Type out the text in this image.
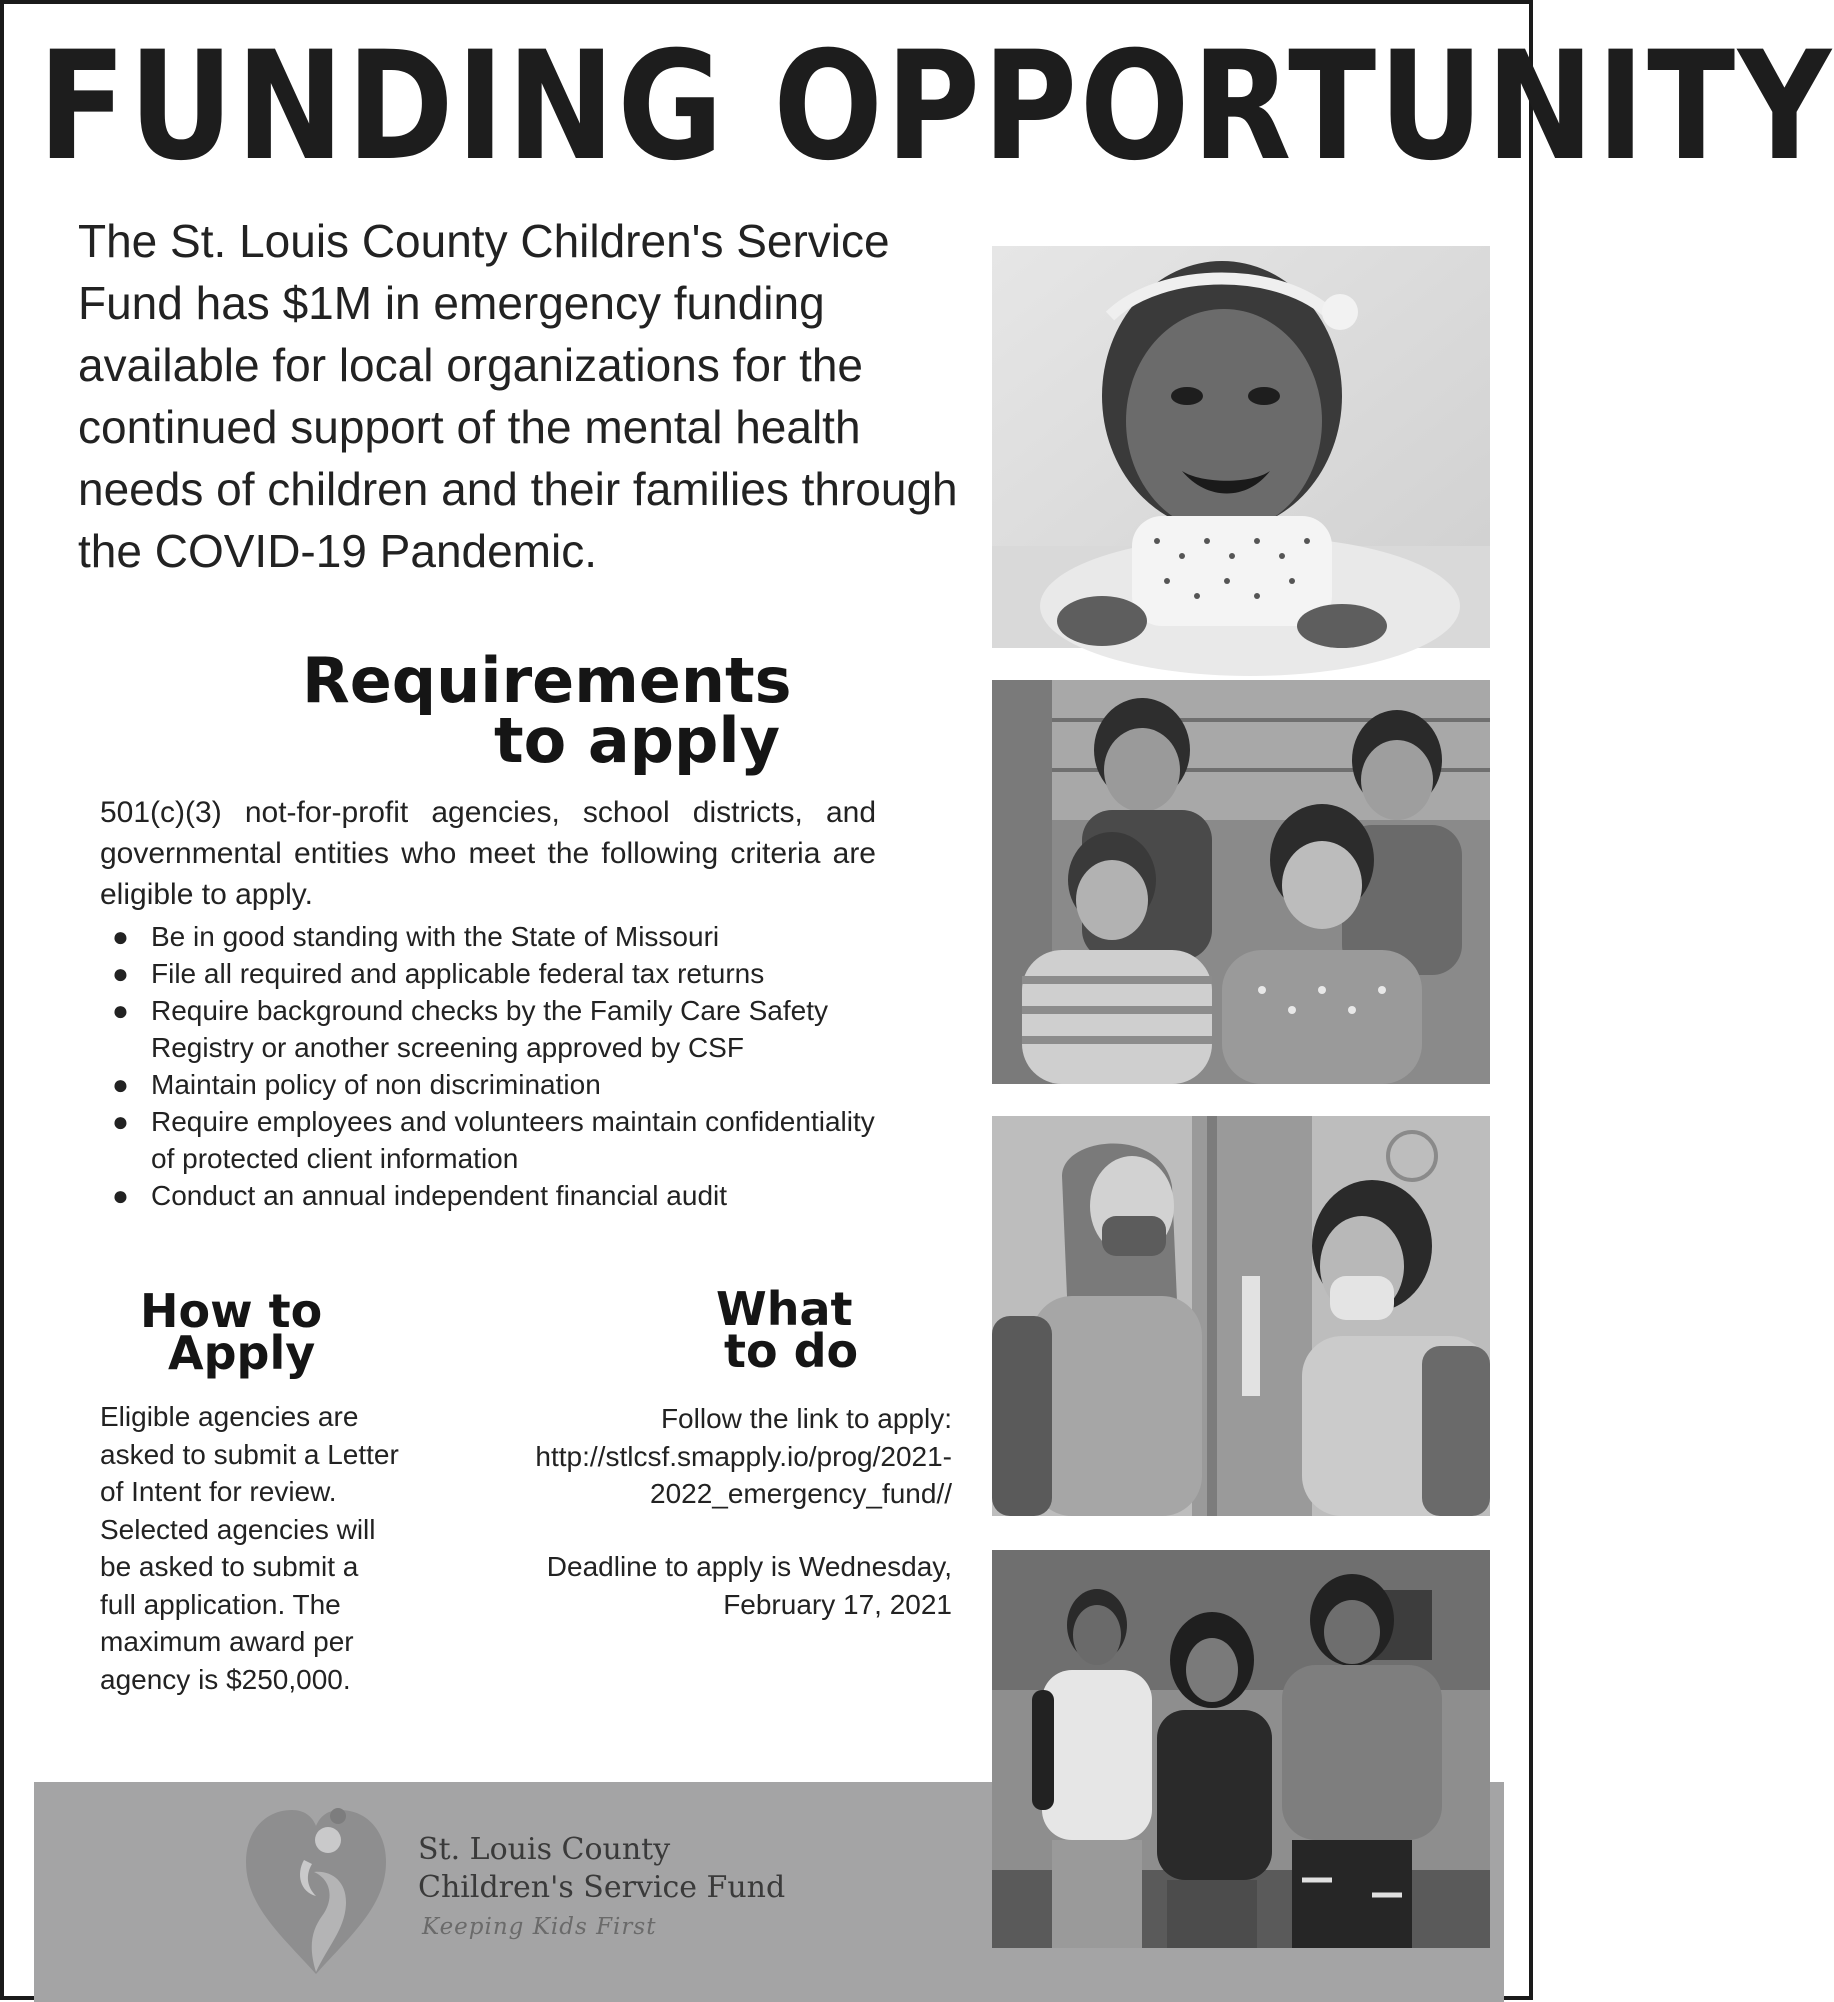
FUNDING OPPORTUNITY
The St. Louis County Children's Service Fund has $1M in emergency funding available for local organizations for the continued support of the mental health needs of children and their families through the COVID-19 Pandemic.
Requirements
to apply
501(c)(3) not-for-profit agencies, school districts, and governmental entities who meet the following criteria are eligible to apply.
● Be in good standing with the State of Missouri
● File all required and applicable federal tax returns
● Require background checks by the Family Care Safety Registry or another screening approved by CSF
● Maintain policy of non discrimination
● Require employees and volunteers maintain confidentiality of protected client information
● Conduct an annual independent financial audit
How to
Apply
Eligible agencies are asked to submit a Letter of Intent for review. Selected agencies will be asked to submit a full application. The maximum award per agency is $250,000.
What
to do
Follow the link to apply:
http://stlcsf.smapply.io/prog/2021-
2022_emergency_fund//
Deadline to apply is Wednesday,
February 17, 2021
St. Louis County
Children's Service Fund
Keeping Kids First
